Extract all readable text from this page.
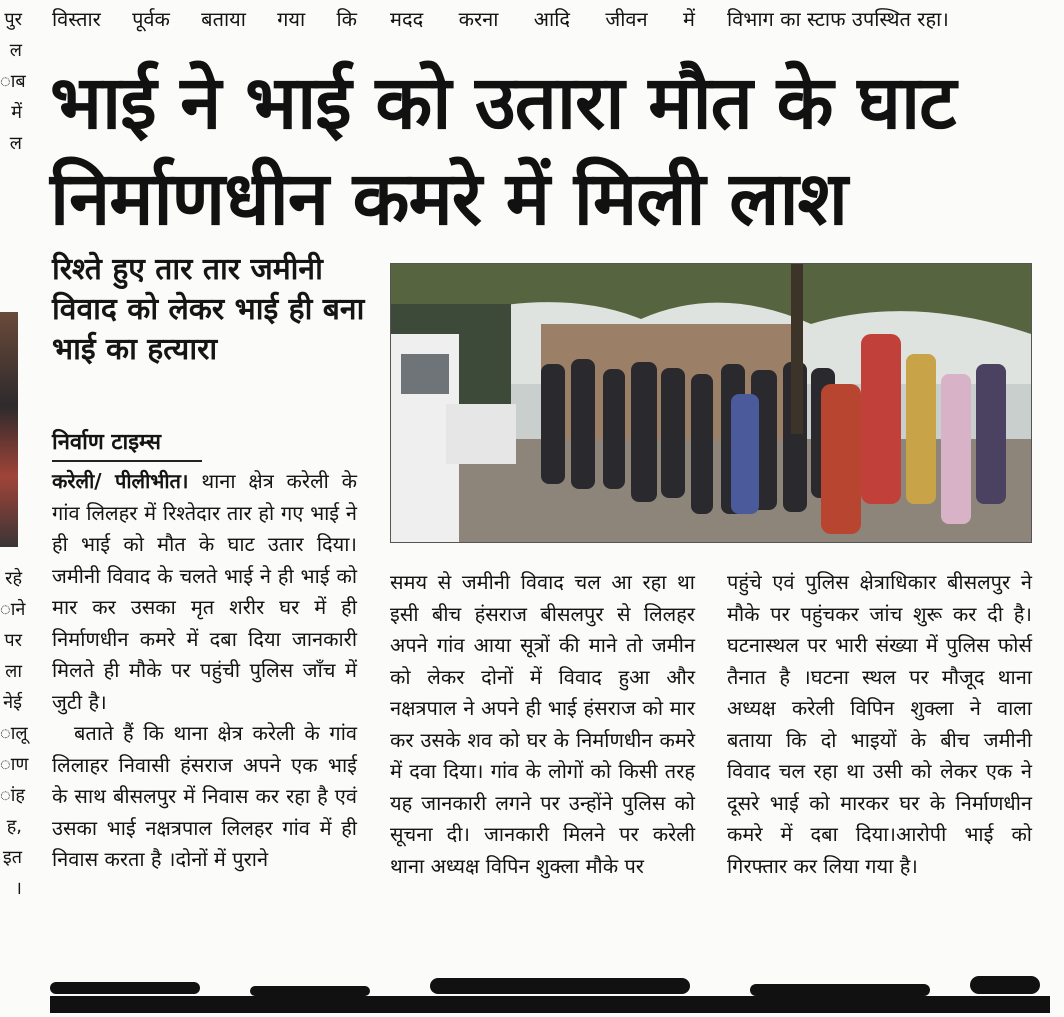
विस्तार पूर्वक बताया गया कि मदद करना आदि जीवन में विभाग का स्टाफ उपस्थित रहा।
पुर
ल
ाब
में
ल
रहे
ाने
पर
ला
नेई
ालू
ाण
ांह
ह,
इत
।
भाई ने भाई को उतारा मौत के घाट
निर्माणधीन कमरे में मिली लाश
रिश्ते हुए तार तार जमीनी विवाद को लेकर भाई ही बना भाई का हत्यारा
निर्वाण टाइम्स

करेली/ पीलीभीत। थाना क्षेत्र करेली के गांव लिलहर में रिश्तेदार तार हो गए भाई ने ही भाई को मौत के घाट उतार दिया। जमीनी विवाद के चलते भाई ने ही भाई को मार कर उसका मृत शरीर घर में ही निर्माणधीन कमरे में दबा दिया जानकारी मिलते ही मौके पर पहुंची पुलिस जाँच में जुटी है।

बताते हैं कि थाना क्षेत्र करेली के गांव लिलाहर निवासी हंसराज अपने एक भाई के साथ बीसलपुर में निवास कर रहा है एवं उसका भाई नक्षत्रपाल लिलहर गांव में ही निवास करता है ।दोनों में पुराने

समय से जमीनी विवाद चल आ रहा था इसी बीच हंसराज बीसलपुर से लिलहर अपने गांव आया सूत्रों की माने तो जमीन को लेकर दोनों में विवाद हुआ और नक्षत्रपाल ने अपने ही भाई हंसराज को मार कर उसके शव को घर के निर्माणधीन कमरे में दवा दिया। गांव के लोगों को किसी तरह यह जानकारी लगने पर उन्होंने पुलिस को सूचना दी। जानकारी मिलने पर करेली थाना अध्यक्ष विपिन शुक्ला मौके पर

पहुंचे एवं पुलिस क्षेत्राधिकार बीसलपुर ने मौके पर पहुंचकर जांच शुरू कर दी है। घटनास्थल पर भारी संख्या में पुलिस फोर्स तैनात है ।घटना स्थल पर मौजूद थाना अध्यक्ष करेली विपिन शुक्ला ने वाला बताया कि दो भाइयों के बीच जमीनी विवाद चल रहा था उसी को लेकर एक ने दूसरे भाई को मारकर घर के निर्माणधीन कमरे में दबा दिया।आरोपी भाई को गिरफ्तार कर लिया गया है।
